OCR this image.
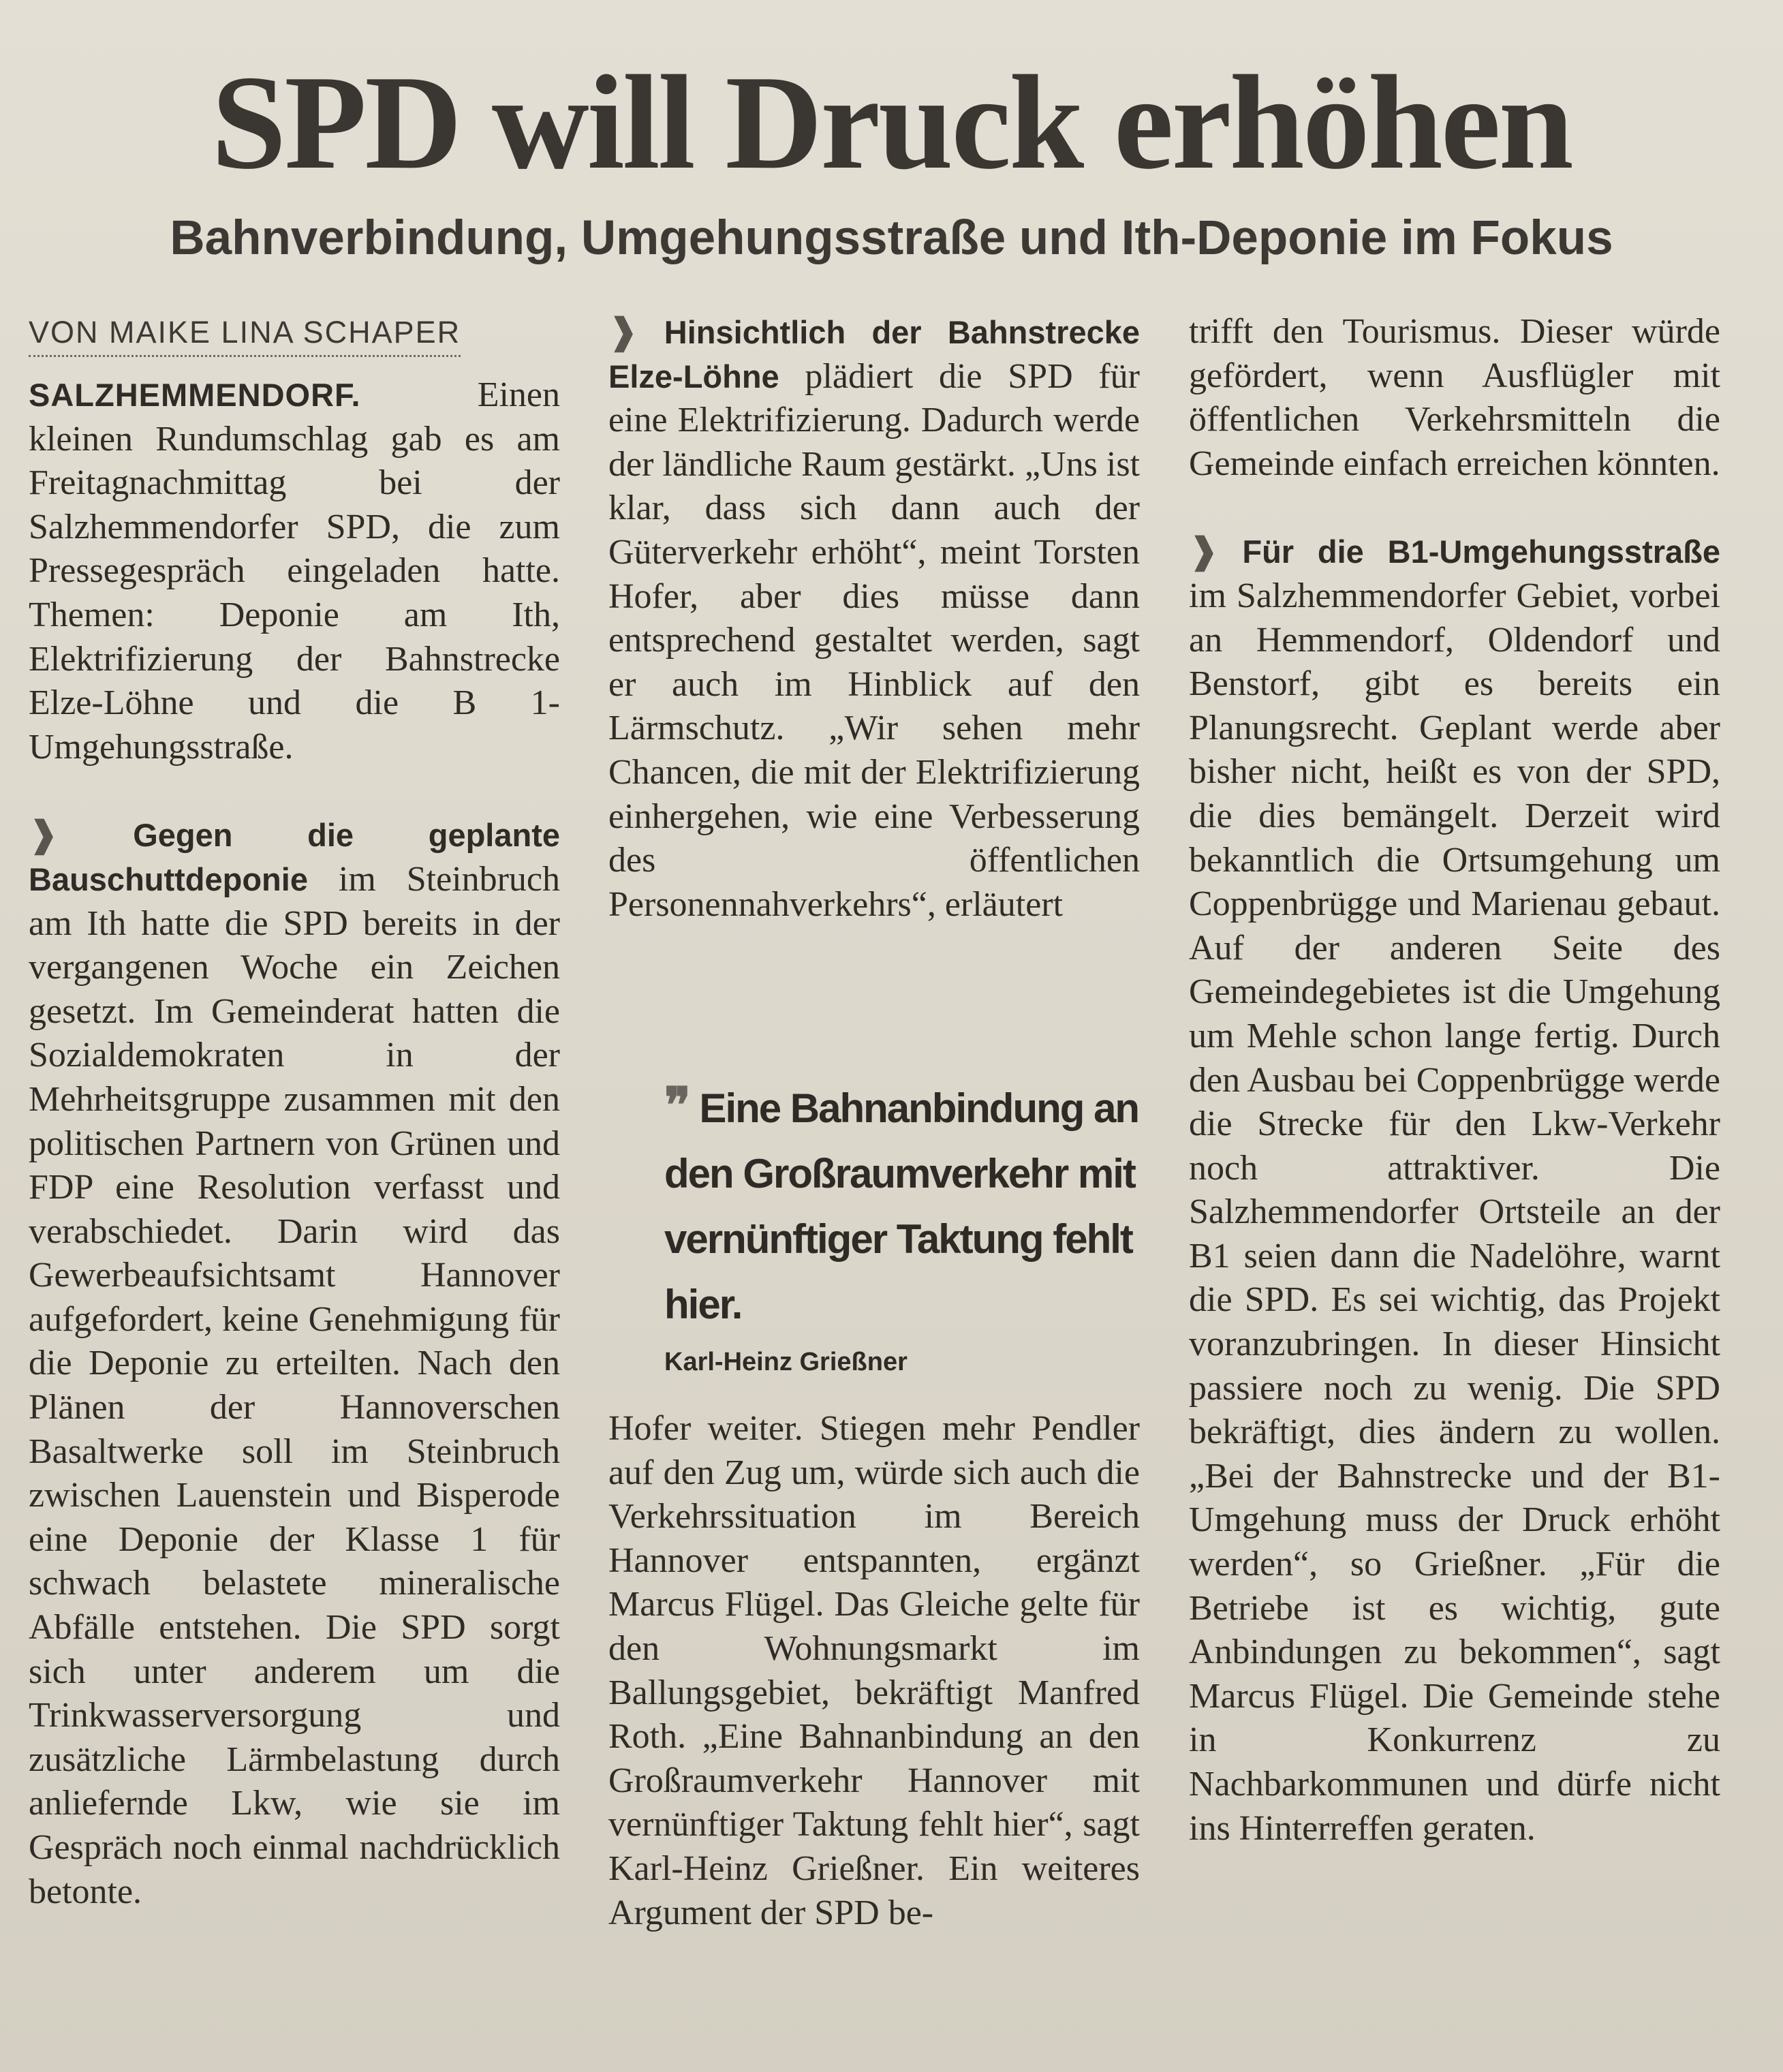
SPD will Druck erhöhen
Bahnverbindung, Umgehungsstraße und Ith-Deponie im Fokus

VON MAIKE LINA SCHAPER

SALZHEMMENDORF.	Einen kleinen Rundumschlag gab es am Freitagnachmittag bei der Salzhemmendorfer SPD, die zum Pressegespräch eingeladen hatte. Themen: Deponie am Ith, Elektrifizierung der Bahnstrecke Elze-Löhne und die B 1-Umgehungsstraße.

❱ Gegen die geplante Bauschuttdeponie im Steinbruch am Ith hatte die SPD bereits in der vergangenen Woche ein Zeichen gesetzt. Im Gemeinderat hatten die Sozialdemokraten in der Mehrheitsgruppe zusammen mit den politischen Partnern von Grünen und FDP eine Resolution verfasst und verabschiedet. Darin wird das Gewerbeaufsichtsamt Hannover aufgefordert, keine Genehmigung für die Deponie zu erteilten. Nach den Plänen der Hannoverschen Basaltwerke soll im Steinbruch zwischen Lauenstein und Bisperode eine Deponie der Klasse 1 für schwach belastete mineralische Abfälle entstehen. Die SPD sorgt sich unter anderem um die Trinkwasserversorgung und zusätzliche Lärmbelastung durch anliefernde Lkw, wie sie im Gespräch noch einmal nachdrücklich betonte.

❱ Hinsichtlich der Bahnstrecke Elze-Löhne plädiert die SPD für eine Elektrifizierung. Dadurch werde der ländliche Raum gestärkt. „Uns ist klar, dass sich dann auch der Güterverkehr erhöht“, meint Torsten Hofer, aber dies müsse dann entsprechend gestaltet werden, sagt er auch im Hinblick auf den Lärmschutz. „Wir sehen mehr Chancen, die mit der Elektrifizierung einhergehen, wie eine Verbesserung des öffentlichen Personennahverkehrs“, erläutert

❞ Eine Bahnanbindung an den Großraumverkehr mit vernünftiger Taktung fehlt hier.

Karl-Heinz Grießner

Hofer weiter. Stiegen mehr Pendler auf den Zug um, würde sich auch die Verkehrssituation im Bereich Hannover entspannten, ergänzt Marcus Flügel. Das Gleiche gelte für den Wohnungsmarkt im Ballungsgebiet, bekräftigt Manfred Roth. „Eine Bahnanbindung an den Großraumverkehr Hannover mit vernünftiger Taktung fehlt hier“, sagt Karl-Heinz Grießner. Ein weiteres Argument der SPD be-

trifft den Tourismus. Dieser würde gefördert, wenn Ausflügler mit öffentlichen Verkehrsmitteln die Gemeinde einfach erreichen könnten.

❱ Für die B1-Umgehungsstraße im Salzhemmendorfer Gebiet, vorbei an Hemmendorf, Oldendorf und Benstorf, gibt es bereits ein Planungsrecht. Geplant werde aber bisher nicht, heißt es von der SPD, die dies bemängelt. Derzeit wird bekanntlich die Ortsumgehung um Coppenbrügge und Marienau gebaut. Auf der anderen Seite des Gemeindegebietes ist die Umgehung um Mehle schon lange fertig. Durch den Ausbau bei Coppenbrügge werde die Strecke für den Lkw-Verkehr noch attraktiver. Die Salzhemmendorfer Ortsteile an der B1 seien dann die Nadelöhre, warnt die SPD. Es sei wichtig, das Projekt voranzubringen. In dieser Hinsicht passiere noch zu wenig. Die SPD bekräftigt, dies ändern zu wollen. „Bei der Bahnstrecke und der B1-Umgehung muss der Druck erhöht werden“, so Grießner. „Für die Betriebe ist es wichtig, gute Anbindungen zu bekommen“, sagt Marcus Flügel. Die Gemeinde stehe in Konkurrenz zu Nachbarkommunen und dürfe nicht ins Hinterreffen geraten.
